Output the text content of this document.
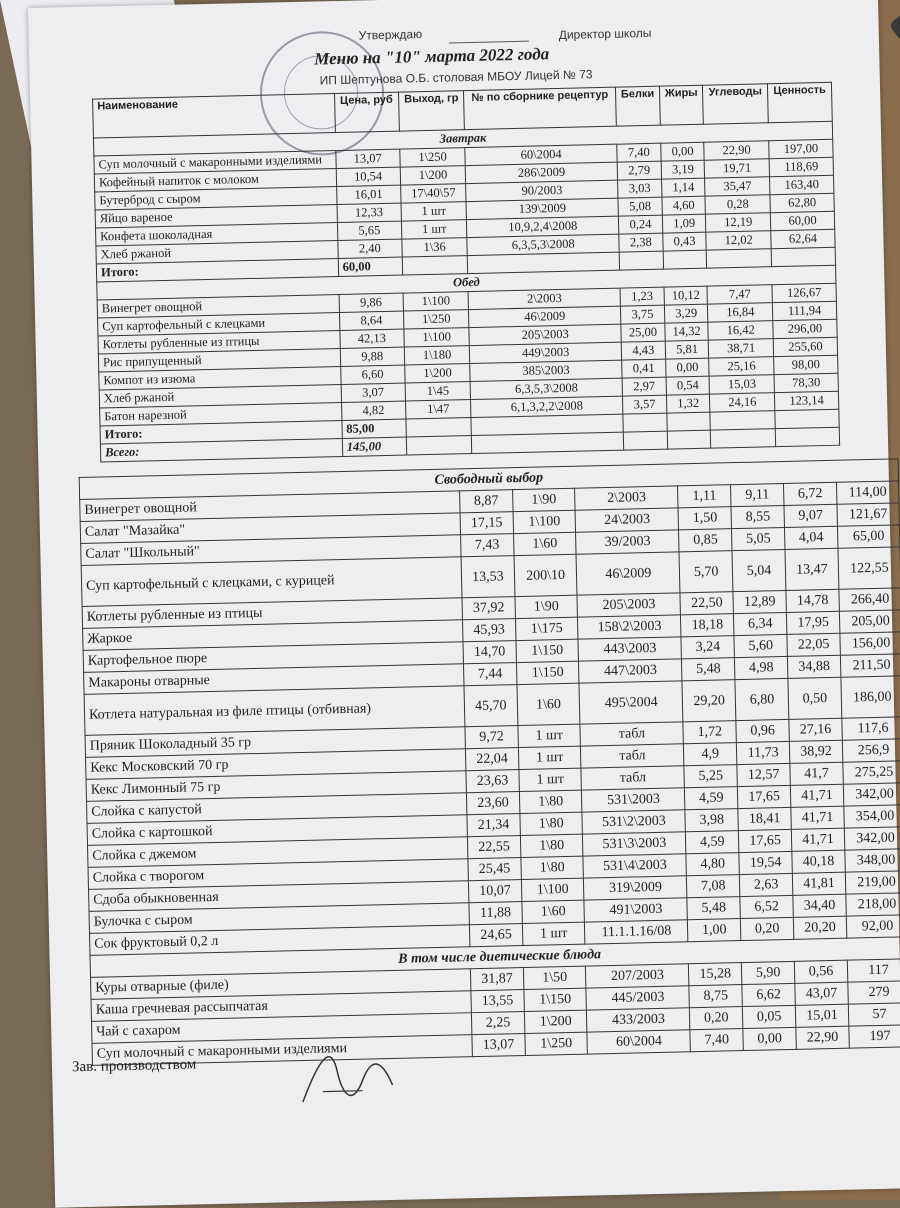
Утверждаю	Директор школы
Меню на "10" марта 2022 года
ИП Шептунова О.Б. столовая МБОУ Лицей № 73
Наименование	Цена, руб	Выход, гр	№ по сборнике рецептур	Белки	Жиры	Углеводы	Ценность
Завтрак							
Суп молочный с макаронными изделиями	13,07	1\250	60\2004	7,40	0,00	22,90	197,00
Кофейный напиток с молоком	10,54	1\200	286\2009	2,79	3,19	19,71	118,69
Бутерброд с сыром	16,01	17\40\57	90/2003	3,03	1,14	35,47	163,40
Яйцо вареное	12,33	1 шт	139\2009	5,08	4,60	0,28	62,80
Конфета шоколадная	5,65	1 шт	10,9,2,4\2008	0,24	1,09	12,19	60,00
Хлеб ржаной	2,40	1\36	6,3,5,3\2008	2,38	0,43	12,02	62,64
Итого:	60,00						
Обед							
Винегрет овощной	9,86	1\100	2\2003	1,23	10,12	7,47	126,67
Суп картофельный с клецками	8,64	1\250	46\2009	3,75	3,29	16,84	111,94
Котлеты рубленные из птицы	42,13	1\100	205\2003	25,00	14,32	16,42	296,00
Рис припущенный	9,88	1\180	449\2003	4,43	5,81	38,71	255,60
Компот из изюма	6,60	1\200	385\2003	0,41	0,00	25,16	98,00
Хлеб ржаной	3,07	1\45	6,3,5,3\2008	2,97	0,54	15,03	78,30
Батон нарезной	4,82	1\47	6,1,3,2,2\2008	3,57	1,32	24,16	123,14
Итого:	85,00						
Всего:	145,00						
Свободный выбор							
Винегрет овощной	8,87	1\90	2\2003	1,11	9,11	6,72	114,00
Салат "Мазайка"	17,15	1\100	24\2003	1,50	8,55	9,07	121,67
Салат "Школьный"	7,43	1\60	39/2003	0,85	5,05	4,04	65,00
Суп картофельный с клецками, с курицей	13,53	200\10	46\2009	5,70	5,04	13,47	122,55
Котлеты рубленные из птицы	37,92	1\90	205\2003	22,50	12,89	14,78	266,40
Жаркое	45,93	1\175	158\2\2003	18,18	6,34	17,95	205,00
Картофельное пюре	14,70	1\150	443\2003	3,24	5,60	22,05	156,00
Макароны отварные	7,44	1\150	447\2003	5,48	4,98	34,88	211,50
Котлета натуральная из филе птицы (отбивная)	45,70	1\60	495\2004	29,20	6,80	0,50	186,00
Пряник Шоколадный 35 гр	9,72	1 шт	табл	1,72	0,96	27,16	117,6
Кекс Московский 70 гр	22,04	1 шт	табл	4,9	11,73	38,92	256,9
Кекс Лимонный 75 гр	23,63	1 шт	табл	5,25	12,57	41,7	275,25
Слойка с капустой	23,60	1\80	531\2003	4,59	17,65	41,71	342,00
Слойка с картошкой	21,34	1\80	531\2\2003	3,98	18,41	41,71	354,00
Слойка с джемом	22,55	1\80	531\3\2003	4,59	17,65	41,71	342,00
Слойка с творогом	25,45	1\80	531\4\2003	4,80	19,54	40,18	348,00
Сдоба обыкновенная	10,07	1\100	319\2009	7,08	2,63	41,81	219,00
Булочка с сыром	11,88	1\60	491\2003	5,48	6,52	34,40	218,00
Сок фруктовый 0,2 л	24,65	1 шт	11.1.1.16/08	1,00	0,20	20,20	92,00
В том числе диетические блюда							
Куры отварные (филе)	31,87	1\50	207/2003	15,28	5,90	0,56	117
Каша гречневая рассыпчатая	13,55	1\150	445/2003	8,75	6,62	43,07	279
Чай с сахаром	2,25	1\200	433/2003	0,20	0,05	15,01	57
Суп молочный с макаронными изделиями	13,07	1\250	60\2004	7,40	0,00	22,90	197
Зав. производством
